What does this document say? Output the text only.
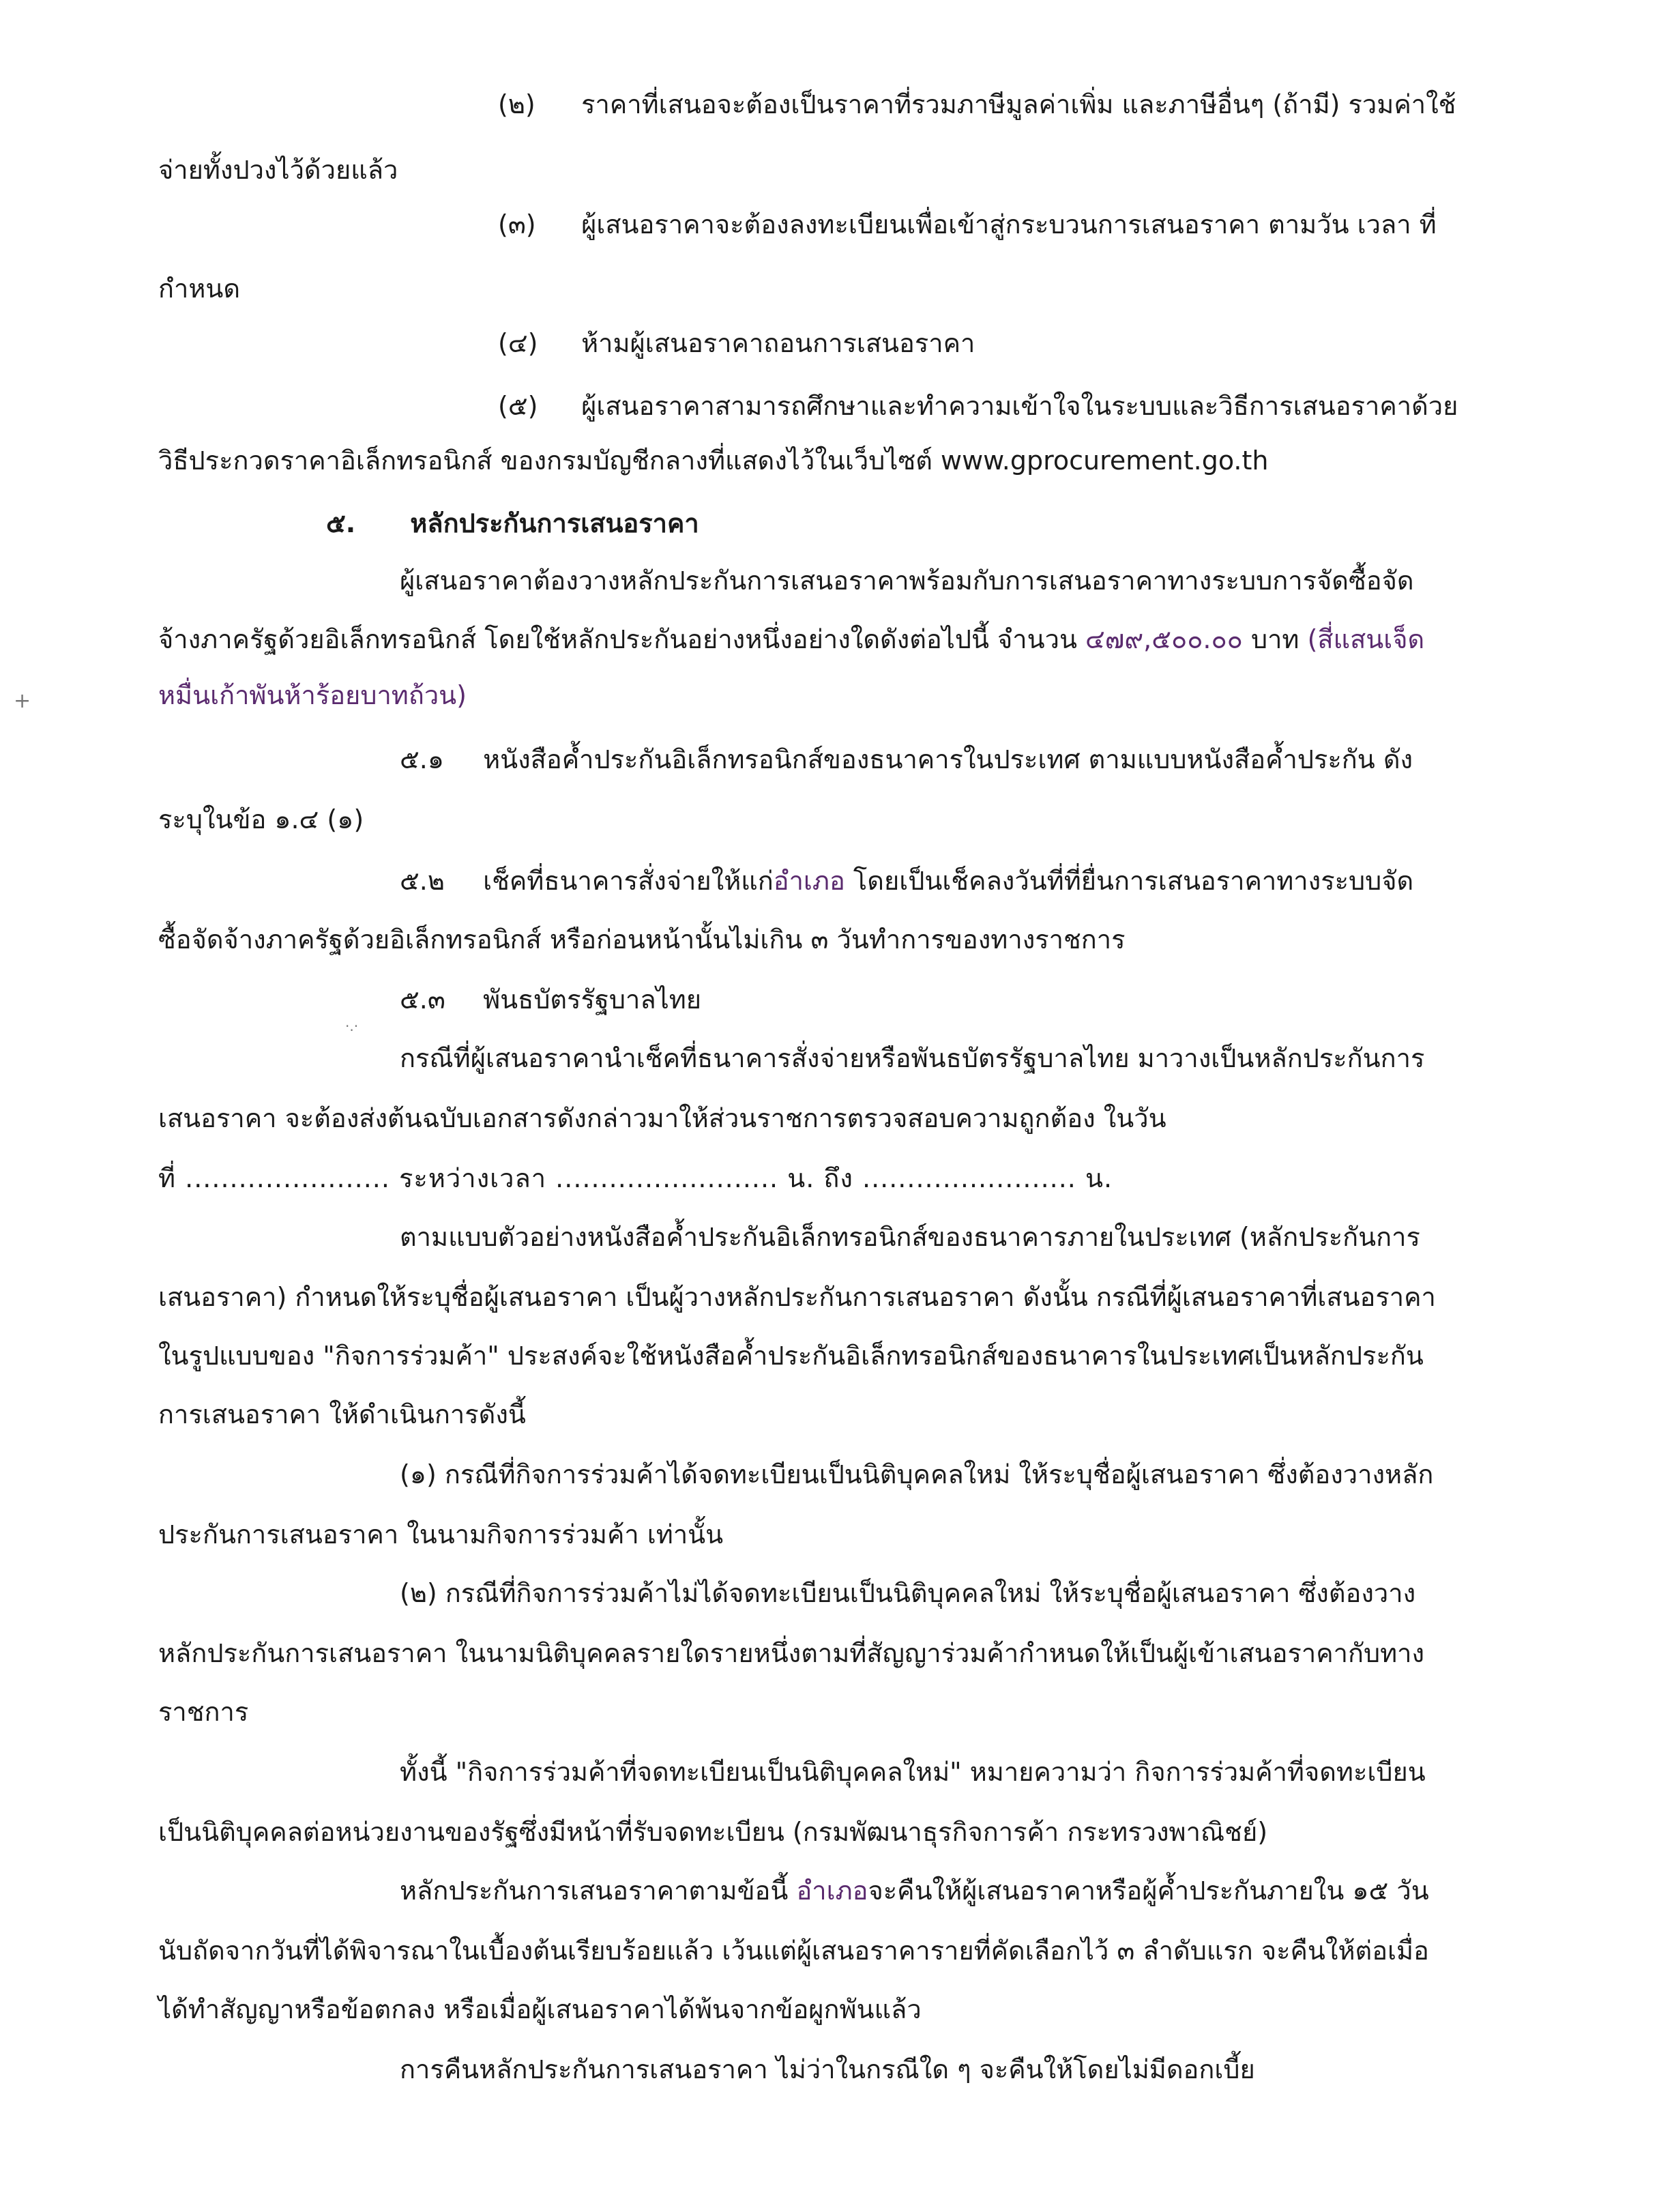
(๒) ราคาที่เสนอจะต้องเป็นราคาที่รวมภาษีมูลค่าเพิ่ม และภาษีอื่นๆ (ถ้ามี) รวมค่าใช้
จ่ายทั้งปวงไว้ด้วยแล้ว
(๓) ผู้เสนอราคาจะต้องลงทะเบียนเพื่อเข้าสู่กระบวนการเสนอราคา ตามวัน เวลา ที่
กำหนด
(๔) ห้ามผู้เสนอราคาถอนการเสนอราคา
(๕) ผู้เสนอราคาสามารถศึกษาและทำความเข้าใจในระบบและวิธีการเสนอราคาด้วย
วิธีประกวดราคาอิเล็กทรอนิกส์ ของกรมบัญชีกลางที่แสดงไว้ในเว็บไซต์ www.gprocurement.go.th
๕. หลักประกันการเสนอราคา
ผู้เสนอราคาต้องวางหลักประกันการเสนอราคาพร้อมกับการเสนอราคาทางระบบการจัดซื้อจัด
จ้างภาครัฐด้วยอิเล็กทรอนิกส์ โดยใช้หลักประกันอย่างหนึ่งอย่างใดดังต่อไปนี้ จำนวน ๔๗๙,๕๐๐.๐๐ บาท (สี่แสนเจ็ด
หมื่นเก้าพันห้าร้อยบาทถ้วน)
๕.๑ หนังสือค้ำประกันอิเล็กทรอนิกส์ของธนาคารในประเทศ ตามแบบหนังสือค้ำประกัน ดัง
ระบุในข้อ ๑.๔ (๑)
๕.๒ เช็คที่ธนาคารสั่งจ่ายให้แก่อำเภอ โดยเป็นเช็คลงวันที่ที่ยื่นการเสนอราคาทางระบบจัด
ซื้อจัดจ้างภาครัฐด้วยอิเล็กทรอนิกส์ หรือก่อนหน้านั้นไม่เกิน ๓ วันทำการของทางราชการ
๕.๓ พันธบัตรรัฐบาลไทย
กรณีที่ผู้เสนอราคานำเช็คที่ธนาคารสั่งจ่ายหรือพันธบัตรรัฐบาลไทย มาวางเป็นหลักประกันการ
เสนอราคา จะต้องส่งต้นฉบับเอกสารดังกล่าวมาให้ส่วนราชการตรวจสอบความถูกต้อง ในวัน
ที่ ....................... ระหว่างเวลา ......................... น. ถึง ........................ น.
ตามแบบตัวอย่างหนังสือค้ำประกันอิเล็กทรอนิกส์ของธนาคารภายในประเทศ (หลักประกันการ
เสนอราคา) กำหนดให้ระบุชื่อผู้เสนอราคา เป็นผู้วางหลักประกันการเสนอราคา ดังนั้น กรณีที่ผู้เสนอราคาที่เสนอราคา
ในรูปแบบของ "กิจการร่วมค้า" ประสงค์จะใช้หนังสือค้ำประกันอิเล็กทรอนิกส์ของธนาคารในประเทศเป็นหลักประกัน
การเสนอราคา ให้ดำเนินการดังนี้
(๑) กรณีที่กิจการร่วมค้าได้จดทะเบียนเป็นนิติบุคคลใหม่ ให้ระบุชื่อผู้เสนอราคา ซึ่งต้องวางหลัก
ประกันการเสนอราคา ในนามกิจการร่วมค้า เท่านั้น
(๒) กรณีที่กิจการร่วมค้าไม่ได้จดทะเบียนเป็นนิติบุคคลใหม่ ให้ระบุชื่อผู้เสนอราคา ซึ่งต้องวาง
หลักประกันการเสนอราคา ในนามนิติบุคคลรายใดรายหนึ่งตามที่สัญญาร่วมค้ากำหนดให้เป็นผู้เข้าเสนอราคากับทาง
ราชการ
ทั้งนี้ "กิจการร่วมค้าที่จดทะเบียนเป็นนิติบุคคลใหม่" หมายความว่า กิจการร่วมค้าที่จดทะเบียน
เป็นนิติบุคคลต่อหน่วยงานของรัฐซึ่งมีหน้าที่รับจดทะเบียน (กรมพัฒนาธุรกิจการค้า กระทรวงพาณิชย์)
หลักประกันการเสนอราคาตามข้อนี้ อำเภอจะคืนให้ผู้เสนอราคาหรือผู้ค้ำประกันภายใน ๑๕ วัน
นับถัดจากวันที่ได้พิจารณาในเบื้องต้นเรียบร้อยแล้ว เว้นแต่ผู้เสนอราคารายที่คัดเลือกไว้ ๓ ลำดับแรก จะคืนให้ต่อเมื่อ
ได้ทำสัญญาหรือข้อตกลง หรือเมื่อผู้เสนอราคาได้พ้นจากข้อผูกพันแล้ว
การคืนหลักประกันการเสนอราคา ไม่ว่าในกรณีใด ๆ จะคืนให้โดยไม่มีดอกเบี้ย
+
·.·
